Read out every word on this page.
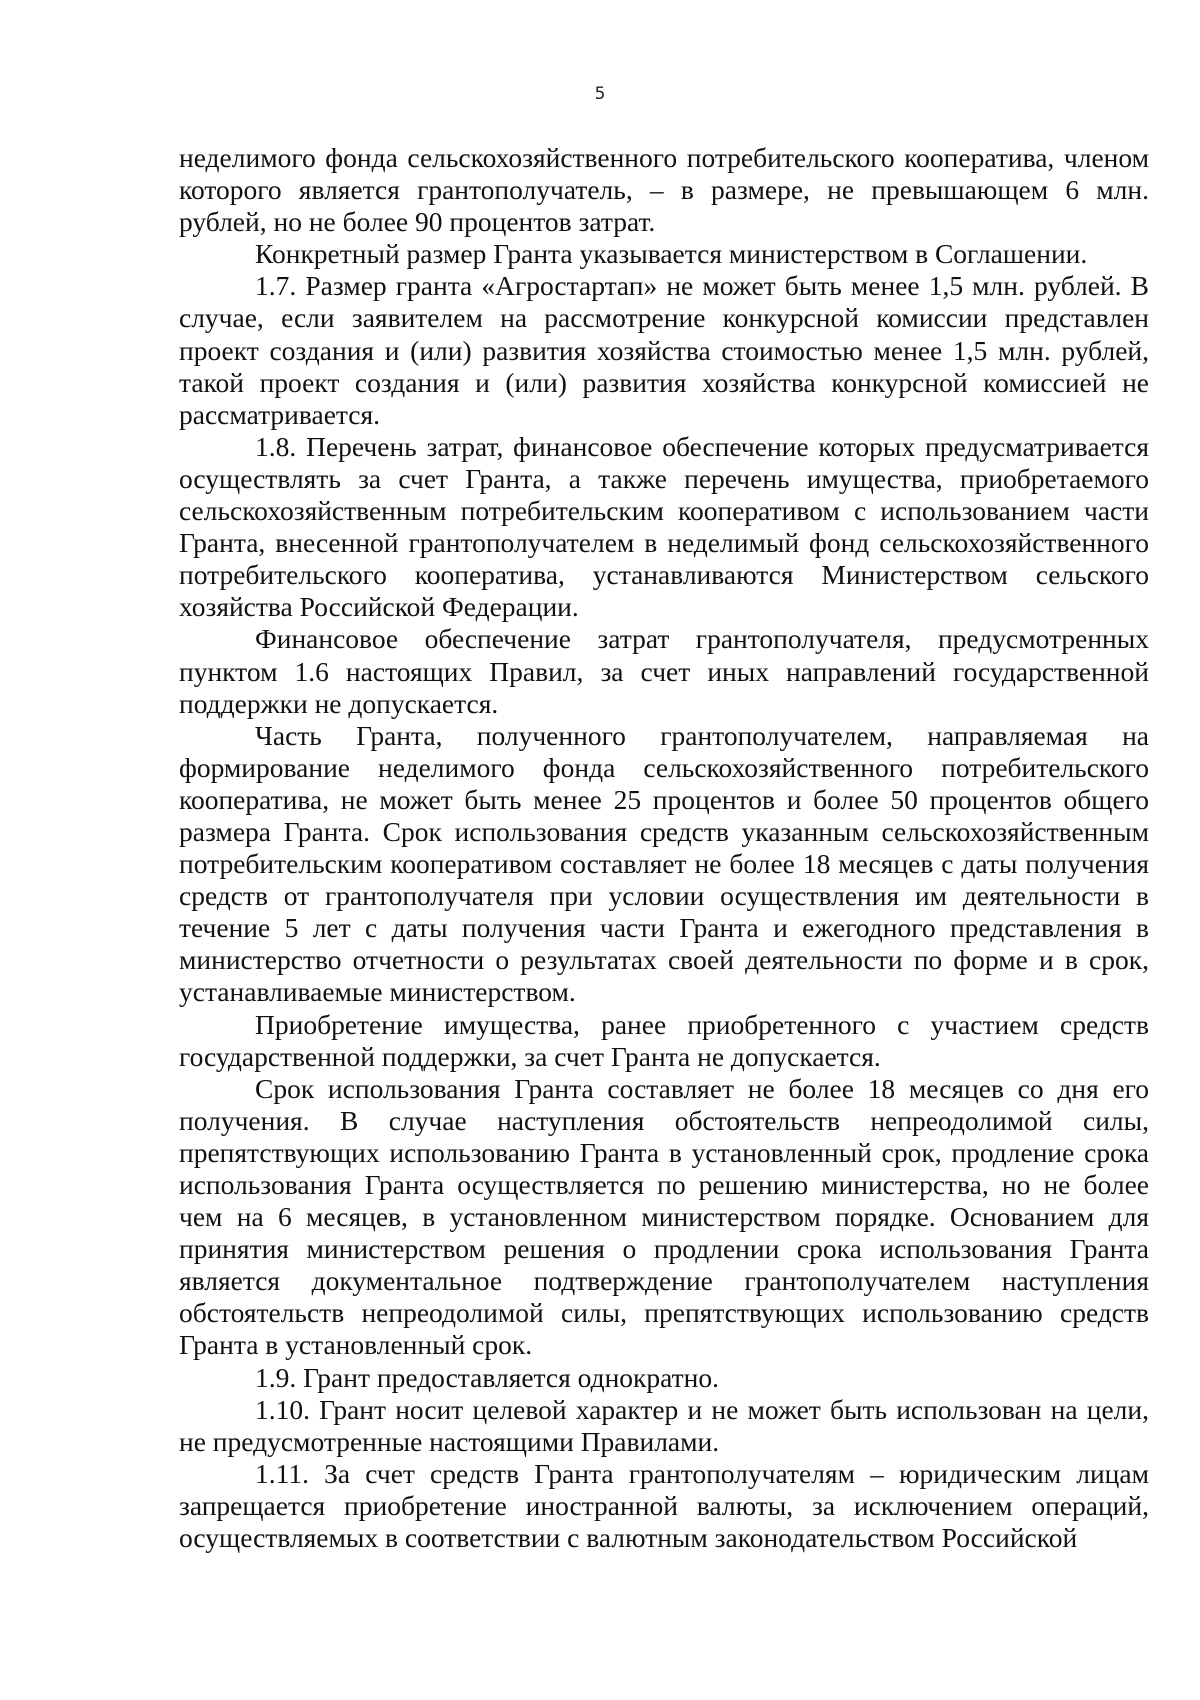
5

неделимого фонда сельскохозяйственного потребительского кооператива, членом которого является грантополучатель, – в размере, не превышающем 6 млн. рублей, но не более 90 процентов затрат.

Конкретный размер Гранта указывается министерством в Соглашении.

1.7. Размер гранта «Агростартап» не может быть менее 1,5 млн. рублей. В случае, если заявителем на рассмотрение конкурсной комиссии представлен проект создания и (или) развития хозяйства стоимостью менее 1,5 млн. рублей, такой проект создания и (или) развития хозяйства конкурсной комиссией не рассматривается.

1.8. Перечень затрат, финансовое обеспечение которых предусматривается осуществлять за счет Гранта, а также перечень имущества, приобретаемого сельскохозяйственным потребительским кооперативом с использованием части Гранта, внесенной грантополучателем в неделимый фонд сельскохозяйственного потребительского кооператива, устанавливаются Министерством сельского хозяйства Российской Федерации.

Финансовое обеспечение затрат грантополучателя, предусмотренных пунктом 1.6 настоящих Правил, за счет иных направлений государственной поддержки не допускается.

Часть Гранта, полученного грантополучателем, направляемая на формирование неделимого фонда сельскохозяйственного потребительского кооператива, не может быть менее 25 процентов и более 50 процентов общего размера Гранта. Срок использования средств указанным сельскохозяйственным потребительским кооперативом составляет не более 18 месяцев с даты получения средств от грантополучателя при условии осуществления им деятельности в течение 5 лет с даты получения части Гранта и ежегодного представления в министерство отчетности о результатах своей деятельности по форме и в срок, устанавливаемые министерством.

Приобретение имущества, ранее приобретенного с участием средств государственной поддержки, за счет Гранта не допускается.

Срок использования Гранта составляет не более 18 месяцев со дня его получения. В случае наступления обстоятельств непреодолимой силы, препятствующих использованию Гранта в установленный срок, продление срока использования Гранта осуществляется по решению министерства, но не более чем на 6 месяцев, в установленном министерством порядке. Основанием для принятия министерством решения о продлении срока использования Гранта является документальное подтверждение грантополучателем наступления обстоятельств непреодолимой силы, препятствующих использованию средств Гранта в установленный срок.

1.9. Грант предоставляется однократно.

1.10. Грант носит целевой характер и не может быть использован на цели, не предусмотренные настоящими Правилами.

1.11. За счет средств Гранта грантополучателям – юридическим лицам запрещается приобретение иностранной валюты, за исключением операций, осуществляемых в соответствии с валютным законодательством Российской
